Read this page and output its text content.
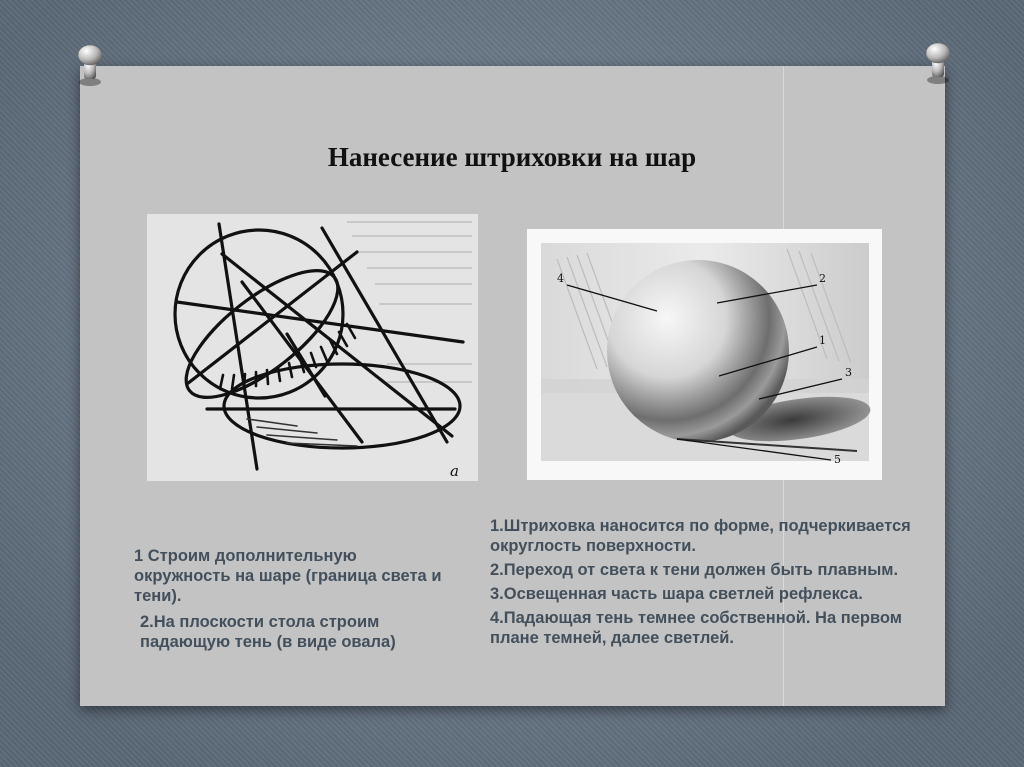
Нанесение штриховки на шар
а
4	2
1
3
5

1 Строим дополнительную окружность на шаре (граница света и тени).

2.На плоскости стола строим падающую тень (в виде овала)

1.Штриховка наносится по форме, подчеркивается округлость поверхности.

2.Переход от света к тени должен быть плавным.

3.Освещенная часть шара светлей рефлекса.

4.Падающая тень темнее собственной. На первом плане темней, далее светлей.
